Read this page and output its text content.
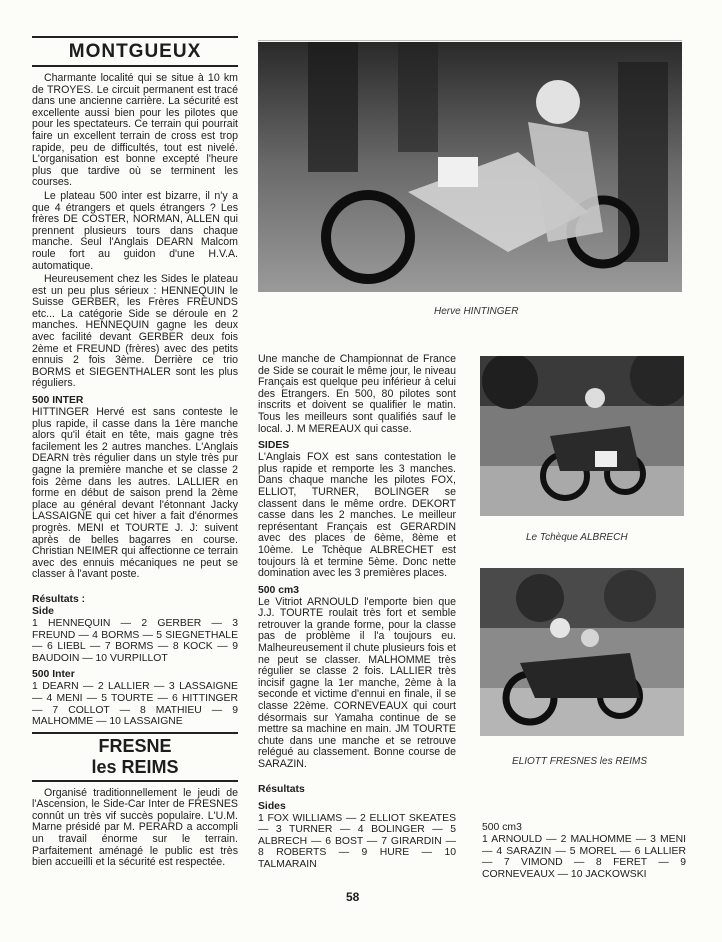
MONTGUEUX

Charmante localité qui se situe à 10 km de TROYES. Le circuit permanent est tracé dans une ancienne carrière. La sécurité est excellente aussi bien pour les pilotes que pour les spectateurs. Ce terrain qui pourrait faire un excellent terrain de cross est trop rapide, peu de difficultés, tout est nivelé. L'organisation est bonne excepté l'heure plus que tardive où se terminent les courses.

Le plateau 500 inter est bizarre, il n'y a que 4 étrangers et quels étrangers ? Les frères DE COSTER, NORMAN, ALLEN qui prennent plusieurs tours dans chaque manche. Seul l'Anglais DEARN Malcom roule fort au guidon d'une H.V.A. automatique.

Heureusement chez les Sides le plateau est un peu plus sérieux : HENNEQUIN le Suisse GERBER, les Frères FREUNDS etc... La catégorie Side se déroule en 2 manches. HENNEQUIN gagne les deux avec facilité devant GERBER deux fois 2ème et FREUND (frères) avec des petits ennuis 2 fois 3ème. Derrière ce trio BORMS et SIEGENTHALER sont les plus réguliers.

500 INTER

HITTINGER Hervé est sans conteste le plus rapide, il casse dans la 1ère manche alors qu'il était en tête, mais gagne très facilement les 2 autres manches. L'Anglais DEARN très régulier dans un style très pur gagne la première manche et se classe 2 fois 2ème dans les autres. LALLIER en forme en début de saison prend la 2ème place au général devant l'étonnant Jacky LASSAIGNE qui cet hiver a fait d'énormes progrès. MENI et TOURTE J. J: suivent après de belles bagarres en course. Christian NEIMER qui affectionne ce terrain avec des ennuis mécaniques ne peut se classer à l'avant poste.

Résultats :
Side

1 HENNEQUIN — 2 GERBER — 3 FREUND — 4 BORMS — 5 SIEGNETHALE — 6 LIEBL — 7 BORMS — 8 KOCK — 9 BAUDOIN — 10 VURPILLOT

500 Inter

1 DEARN — 2 LALLIER — 3 LASSAIGNE — 4 MENI — 5 TOURTE — 6 HITTINGER — 7 COLLOT — 8 MATHIEU — 9 MALHOMME — 10 LASSAIGNE

FRESNE
les REIMS

Organisé traditionnellement le jeudi de l'Ascension, le Side-Car Inter de FRESNES connût un très vif succès populaire. L'U.M. Marne présidé par M. PERARD a accompli un travail énorme sur le terrain. Parfaitement aménagé le public est très bien accueilli et la sécurité est respectée.

Herve HINTINGER

Une manche de Championnat de France de Side se courait le même jour, le niveau Français est quelque peu inférieur à celui des Etrangers. En 500, 80 pilotes sont inscrits et doivent se qualifier le matin. Tous les meilleurs sont qualifiés sauf le local. J. M MEREAUX qui casse.

SIDES

L'Anglais FOX est sans contestation le plus rapide et remporte les 3 manches. Dans chaque manche les pilotes FOX, ELLIOT, TURNER, BOLINGER se classent dans le même ordre. DEKORT casse dans les 2 manches. Le meilleur représentant Français est GERARDIN avec des places de 6ème, 8ème et 10ème. Le Tchèque ALBRECHET est toujours là et termine 5ème. Donc nette domination avec les 3 premières places.

500 cm3

Le Vitriot ARNOULD l'emporte bien que J.J. TOURTE roulait très fort et semble retrouver la grande forme, pour la classe pas de problème il l'a toujours eu. Malheureusement il chute plusieurs fois et ne peut se classer. MALHOMME très régulier se classe 2 fois. LALLIER très incisif gagne la 1er manche, 2ème à la seconde et victime d'ennui en finale, il se classe 22ème. CORNEVEAUX qui court désormais sur Yamaha continue de se mettre sa machine en main. JM TOURTE chute dans une manche et se retrouve relégué au classement. Bonne course de SARAZIN.

Résultats
Sides

1 FOX WILLIAMS — 2 ELLIOT SKEATES — 3 TURNER — 4 BOLINGER — 5 ALBRECH — 6 BOST — 7 GIRARDIN — 8 ROBERTS — 9 HURE — 10 TALMARAIN

Le Tchèque ALBRECH
ELIOTT FRESNES les REIMS
500 cm3

1 ARNOULD — 2 MALHOMME — 3 MENI — 4 SARAZIN — 5 MOREL — 6 LALLIER — 7 VIMOND — 8 FERET — 9 CORNEVEAUX — 10 JACKOWSKI

58
